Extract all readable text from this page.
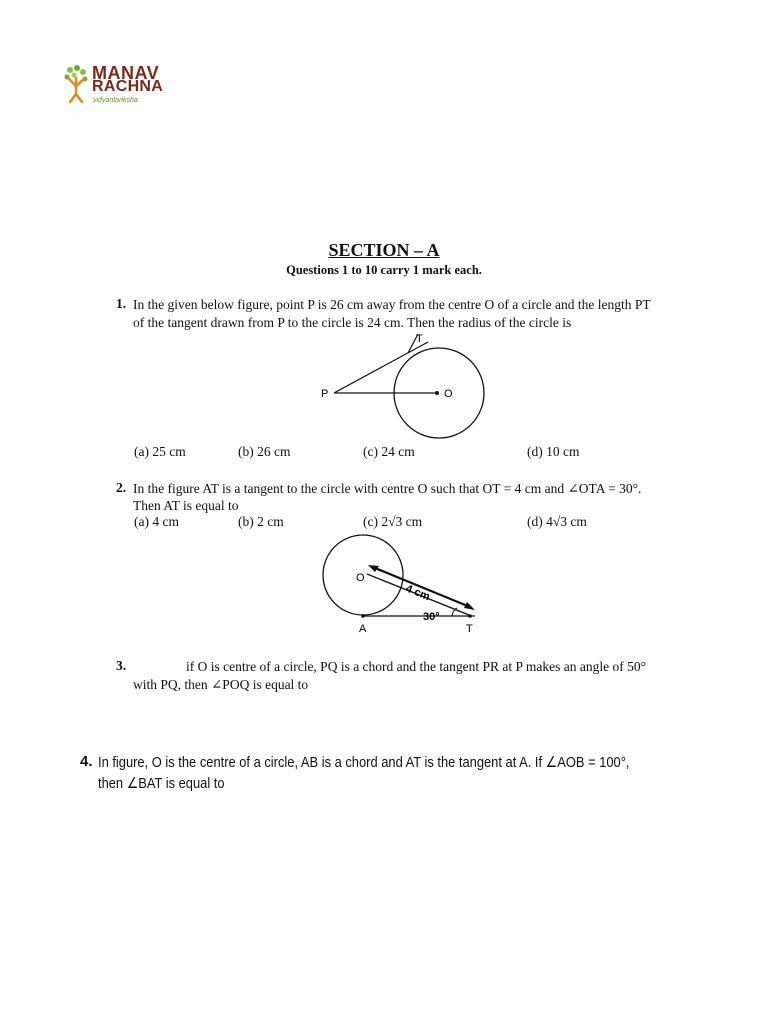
MANAV
RACHNA
vidyantariksha
SECTION – A
Questions 1 to 10 carry 1 mark each.
1. In the given below figure, point P is 26 cm away from the centre O of a circle and the length PT
of the tangent drawn from P to the circle is 24 cm. Then the radius of the circle is
T
P	O
(a) 25 cm	(b) 26 cm	(c) 24 cm	(d) 10 cm
2. In the figure AT is a tangent to the circle with centre O such that OT = 4 cm and ∠OTA = 30°.
Then AT is equal to
(a) 4 cm	(b) 2 cm	(c) 2√3 cm	(d) 4√3 cm
O
A	T
4 cm
30°
3.	if O is centre of a circle, PQ is a chord and the tangent PR at P makes an angle of 50°
with PQ, then ∠POQ is equal to
4. In figure, O is the centre of a circle, AB is a chord and AT is the tangent at A. If ∠AOB = 100°,
then ∠BAT is equal to
